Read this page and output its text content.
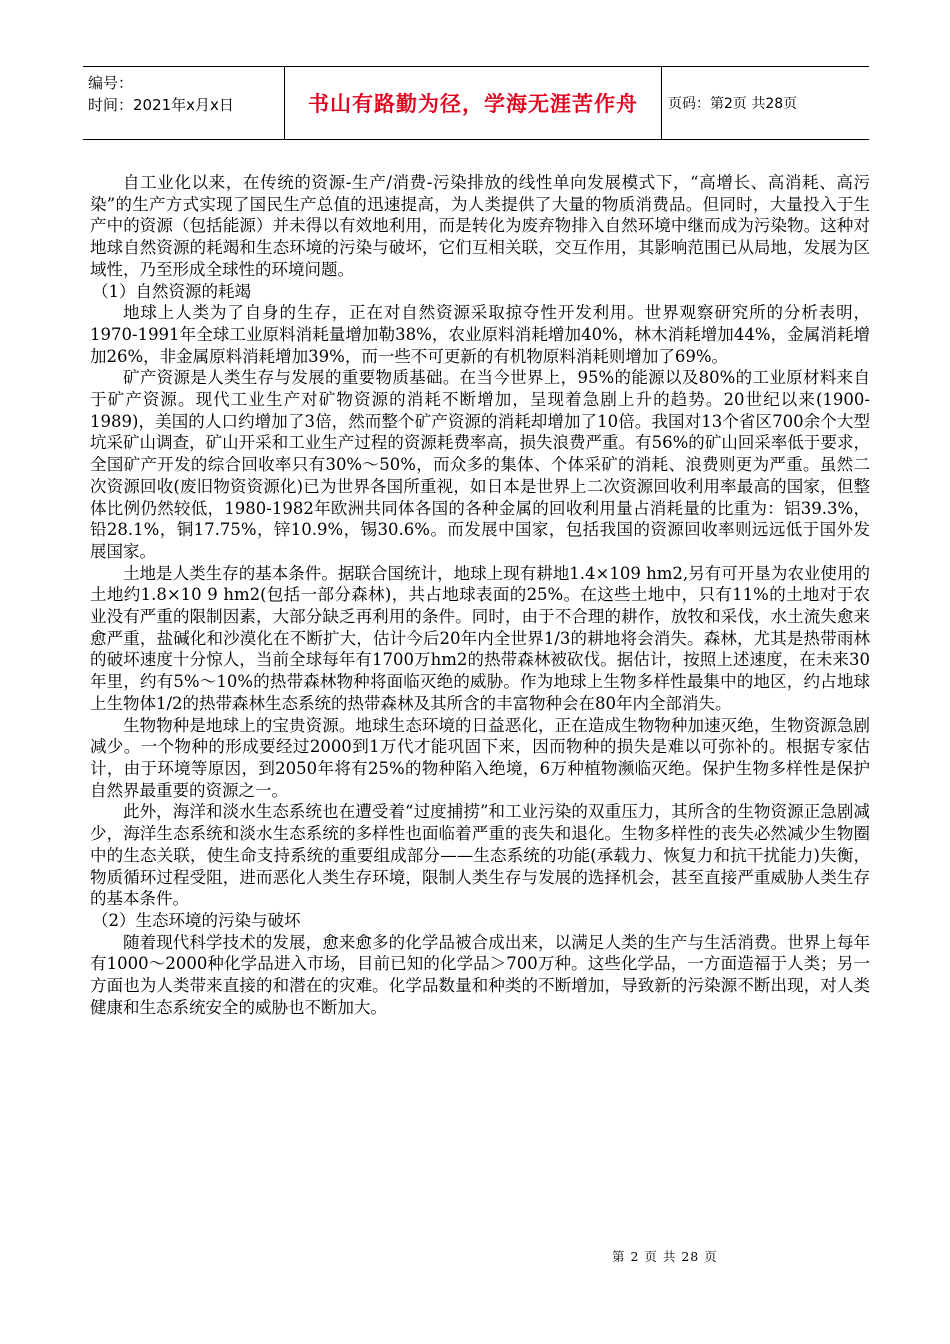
编号：
时间：2021年x月x日	书山有路勤为径，学海无涯苦作舟	页码：第2页 共28页

自工业化以来，在传统的资源-生产/消费-污染排放的线性单向发展模式下，“高增长、高消耗、高污染”的生产方式实现了国民生产总值的迅速提高，为人类提供了大量的物质消费品。但同时，大量投入于生产中的资源（包括能源）并未得以有效地利用，而是转化为废弃物排入自然环境中继而成为污染物。这种对地球自然资源的耗竭和生态环境的污染与破坏，它们互相关联，交互作用，其影响范围已从局地，发展为区域性，乃至形成全球性的环境问题。

（1）自然资源的耗竭

地球上人类为了自身的生存，正在对自然资源采取掠夺性开发利用。世界观察研究所的分析表明，1970-1991年全球工业原料消耗量增加勒38%，农业原料消耗增加40%，林木消耗增加44%，金属消耗增加26%，非金属原料消耗增加39%，而一些不可更新的有机物原料消耗则增加了69%。

矿产资源是人类生存与发展的重要物质基础。在当今世界上，95%的能源以及80%的工业原材料来自于矿产资源。现代工业生产对矿物资源的消耗不断增加，呈现着急剧上升的趋势。20世纪以来(1900-1989)，美国的人口约增加了3倍，然而整个矿产资源的消耗却增加了10倍。我国对13个省区700余个大型坑采矿山调查，矿山开采和工业生产过程的资源耗费率高，损失浪费严重。有56%的矿山回采率低于要求，全国矿产开发的综合回收率只有30%～50%，而众多的集体、个体采矿的消耗、浪费则更为严重。虽然二次资源回收(废旧物资资源化)已为世界各国所重视，如日本是世界上二次资源回收利用率最高的国家，但整体比例仍然较低，1980-1982年欧洲共同体各国的各种金属的回收利用量占消耗量的比重为：铝39.3%，铅28.1%，铜17.75%，锌10.9%，锡30.6%。而发展中国家，包括我国的资源回收率则远远低于国外发展国家。

土地是人类生存的基本条件。据联合国统计，地球上现有耕地1.4×109 hm2,另有可开垦为农业使用的土地约1.8×10 9 hm2(包括一部分森林)，共占地球表面的25%。在这些土地中，只有11%的土地对于农业没有严重的限制因素，大部分缺乏再利用的条件。同时，由于不合理的耕作，放牧和采伐，水土流失愈来愈严重，盐碱化和沙漠化在不断扩大，估计今后20年内全世界1/3的耕地将会消失。森林，尤其是热带雨林的破坏速度十分惊人，当前全球每年有1700万hm2的热带森林被砍伐。据估计，按照上述速度，在未来30年里，约有5%～10%的热带森林物种将面临灭绝的威胁。作为地球上生物多样性最集中的地区，约占地球上生物体1/2的热带森林生态系统的热带森林及其所含的丰富物种会在80年内全部消失。

生物物种是地球上的宝贵资源。地球生态环境的日益恶化，正在造成生物物种加速灭绝，生物资源急剧减少。一个物种的形成要经过2000到1万代才能巩固下来，因而物种的损失是难以可弥补的。根据专家估计，由于环境等原因，到2050年将有25%的物种陷入绝境，6万种植物濒临灭绝。保护生物多样性是保护自然界最重要的资源之一。

此外，海洋和淡水生态系统也在遭受着“过度捕捞”和工业污染的双重压力，其所含的生物资源正急剧减少，海洋生态系统和淡水生态系统的多样性也面临着严重的丧失和退化。生物多样性的丧失必然减少生物圈中的生态关联，使生命支持系统的重要组成部分——生态系统的功能(承载力、恢复力和抗干扰能力)失衡，物质循环过程受阻，进而恶化人类生存环境，限制人类生存与发展的选择机会，甚至直接严重威胁人类生存的基本条件。

（2）生态环境的污染与破坏

随着现代科学技术的发展，愈来愈多的化学品被合成出来，以满足人类的生产与生活消费。世界上每年有1000～2000种化学品进入市场，目前已知的化学品＞700万种。这些化学品，一方面造福于人类；另一方面也为人类带来直接的和潜在的灾难。化学品数量和种类的不断增加，导致新的污染源不断出现，对人类健康和生态系统安全的威胁也不断加大。

第 2 页 共 28 页
